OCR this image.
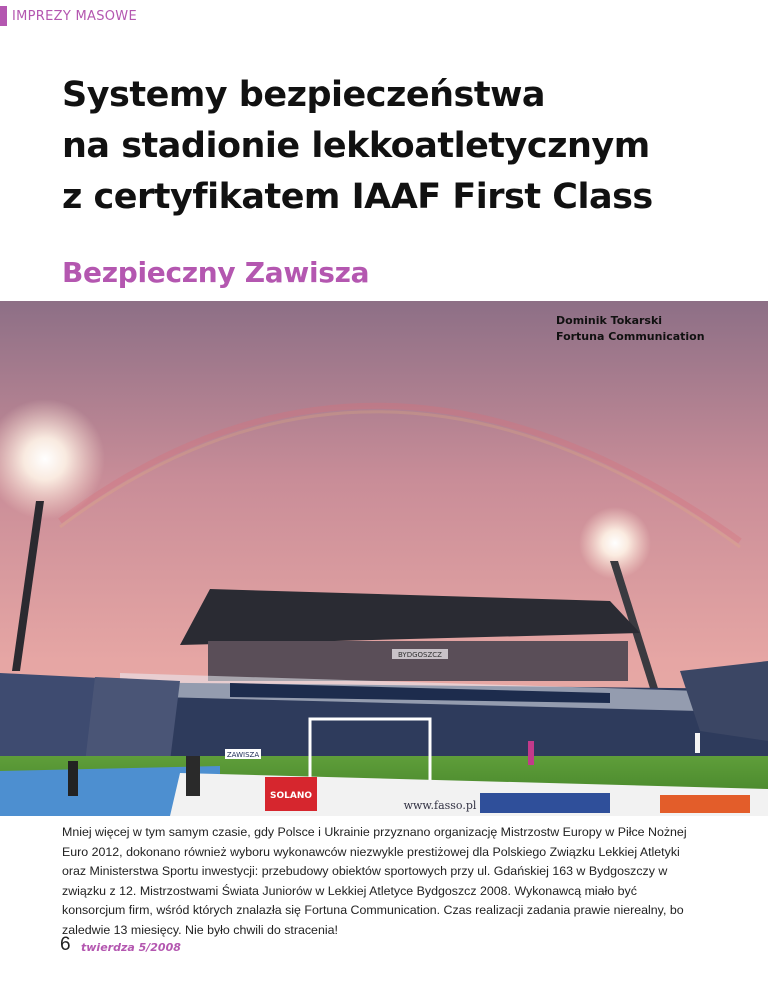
IMPREZY MASOWE
Systemy bezpieczeństwa
na stadionie lekkoatletycznym
z certyfikatem IAAF First Class
Bezpieczny Zawisza
BYDGOSZCZ
ZAWISZA
SOLANO
www.fasso.pl
Dominik Tokarski
Fortuna Communication

Mniej więcej w tym samym czasie, gdy Polsce i Ukrainie przyznano organizację Mistrzostw Europy w Piłce Nożnej Euro 2012, dokonano również wyboru wykonawców niezwykle prestiżowej dla Polskiego Związku Lekkiej Atletyki oraz Ministerstwa Sportu inwestycji: przebudowy obiektów sportowych przy ul. Gdańskiej 163 w Bydgoszczy w związku z 12. Mistrzostwami Świata Juniorów w Lekkiej Atletyce Bydgoszcz 2008. Wykonawcą miało być konsorcjum firm, wśród których znalazła się Fortuna Communication. Czas realizacji zadania prawie nierealny, bo zaledwie 13 miesięcy. Nie było chwili do stracenia!

6 twierdza 5/2008
